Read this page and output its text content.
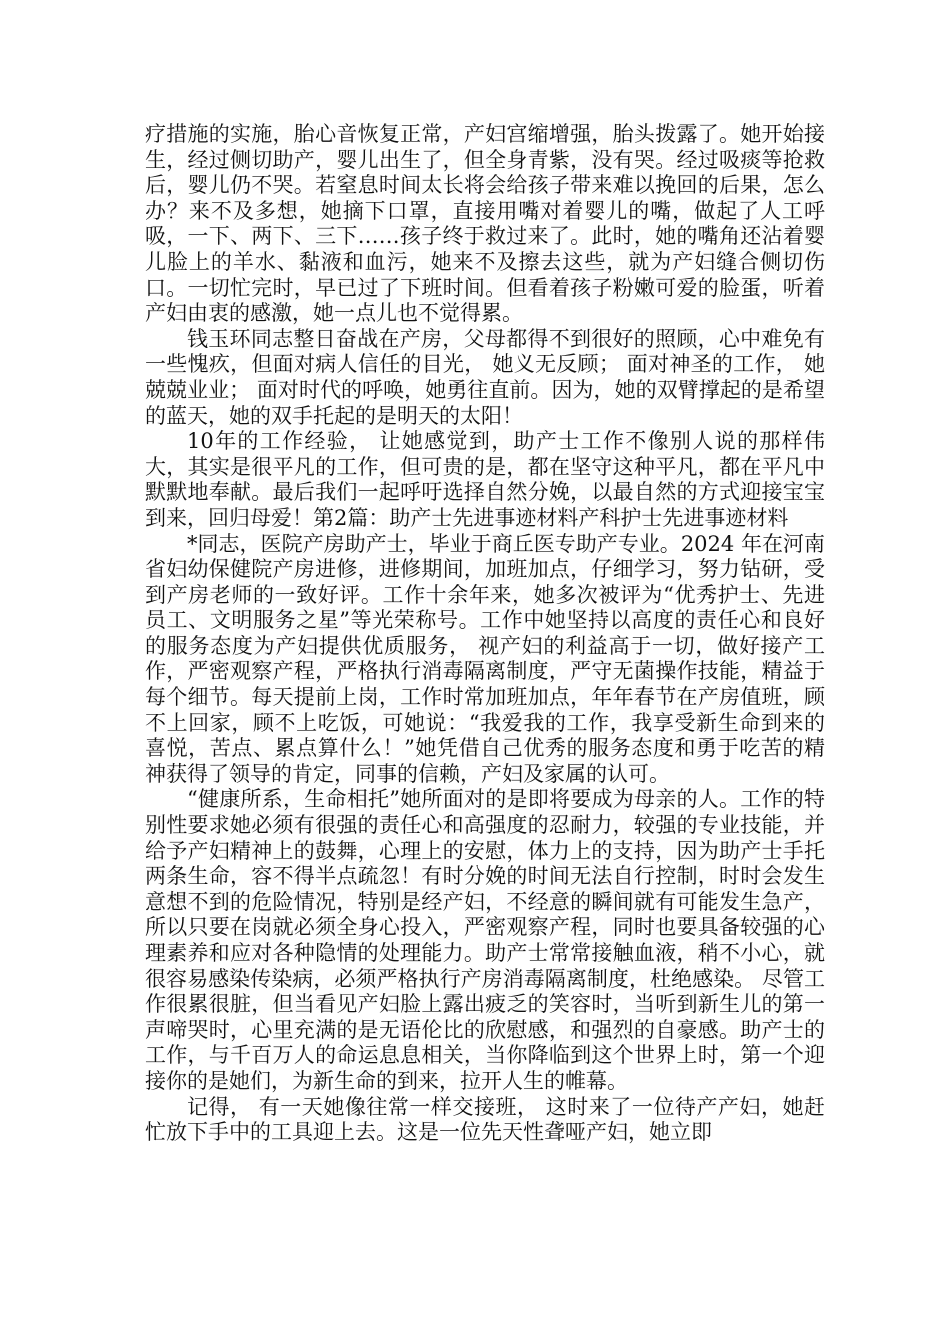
疗措施的实施，胎心音恢复正常，产妇宫缩增强，胎头拨露了。她开始接生，经过侧切助产，婴儿出生了，但全身青紫，没有哭。经过吸痰等抢救后，婴儿仍不哭。若窒息时间太长将会给孩子带来难以挽回的后果，怎么办？来不及多想，她摘下口罩，直接用嘴对着婴儿的嘴，做起了人工呼吸，一下、两下、三下……孩子终于救过来了。此时，她的嘴角还沾着婴儿脸上的羊水、黏液和血污，她来不及擦去这些，就为产妇缝合侧切伤口。一切忙完时，早已过了下班时间。但看着孩子粉嫩可爱的脸蛋，听着产妇由衷的感激，她一点儿也不觉得累。

钱玉环同志整日奋战在产房，父母都得不到很好的照顾，心中难免有一些愧疚，但面对病人信任的目光， 她义无反顾； 面对神圣的工作， 她兢兢业业； 面对时代的呼唤，她勇往直前。因为，她的双臂撑起的是希望的蓝天，她的双手托起的是明天的太阳！

10年的工作经验， 让她感觉到，助产士工作不像别人说的那样伟大，其实是很平凡的工作，但可贵的是，都在坚守这种平凡，都在平凡中默默地奉献。最后我们一起呼吁选择自然分娩，以最自然的方式迎接宝宝到来，回归母爱！第2篇：助产士先进事迹材料产科护士先进事迹材料

*同志，医院产房助产士，毕业于商丘医专助产专业。2024 年在河南省妇幼保健院产房进修，进修期间，加班加点，仔细学习，努力钻研，受到产房老师的一致好评。工作十余年来，她多次被评为“优秀护士、先进员工、文明服务之星”等光荣称号。工作中她坚持以高度的责任心和良好的服务态度为产妇提供优质服务， 视产妇的利益高于一切，做好接产工作，严密观察产程，严格执行消毒隔离制度，严守无菌操作技能，精益于每个细节。每天提前上岗，工作时常加班加点，年年春节在产房值班，顾不上回家，顾不上吃饭，可她说：“我爱我的工作，我享受新生命到来的喜悦，苦点、累点算什么！”她凭借自己优秀的服务态度和勇于吃苦的精神获得了领导的肯定，同事的信赖，产妇及家属的认可。

“健康所系，生命相托”她所面对的是即将要成为母亲的人。工作的特别性要求她必须有很强的责任心和高强度的忍耐力，较强的专业技能，并给予产妇精神上的鼓舞，心理上的安慰，体力上的支持，因为助产士手托两条生命，容不得半点疏忽！有时分娩的时间无法自行控制，时时会发生意想不到的危险情况，特别是经产妇，不经意的瞬间就有可能发生急产，所以只要在岗就必须全身心投入，严密观察产程，同时也要具备较强的心理素养和应对各种隐情的处理能力。助产士常常接触血液，稍不小心，就很容易感染传染病，必须严格执行产房消毒隔离制度，杜绝感染。 尽管工作很累很脏，但当看见产妇脸上露出疲乏的笑容时，当听到新生儿的第一声啼哭时，心里充满的是无语伦比的欣慰感，和强烈的自豪感。助产士的工作，与千百万人的命运息息相关，当你降临到这个世界上时，第一个迎接你的是她们，为新生命的到来，拉开人生的帷幕。

记得， 有一天她像往常一样交接班， 这时来了一位待产产妇，她赶忙放下手中的工具迎上去。这是一位先天性聋哑产妇，她立即
